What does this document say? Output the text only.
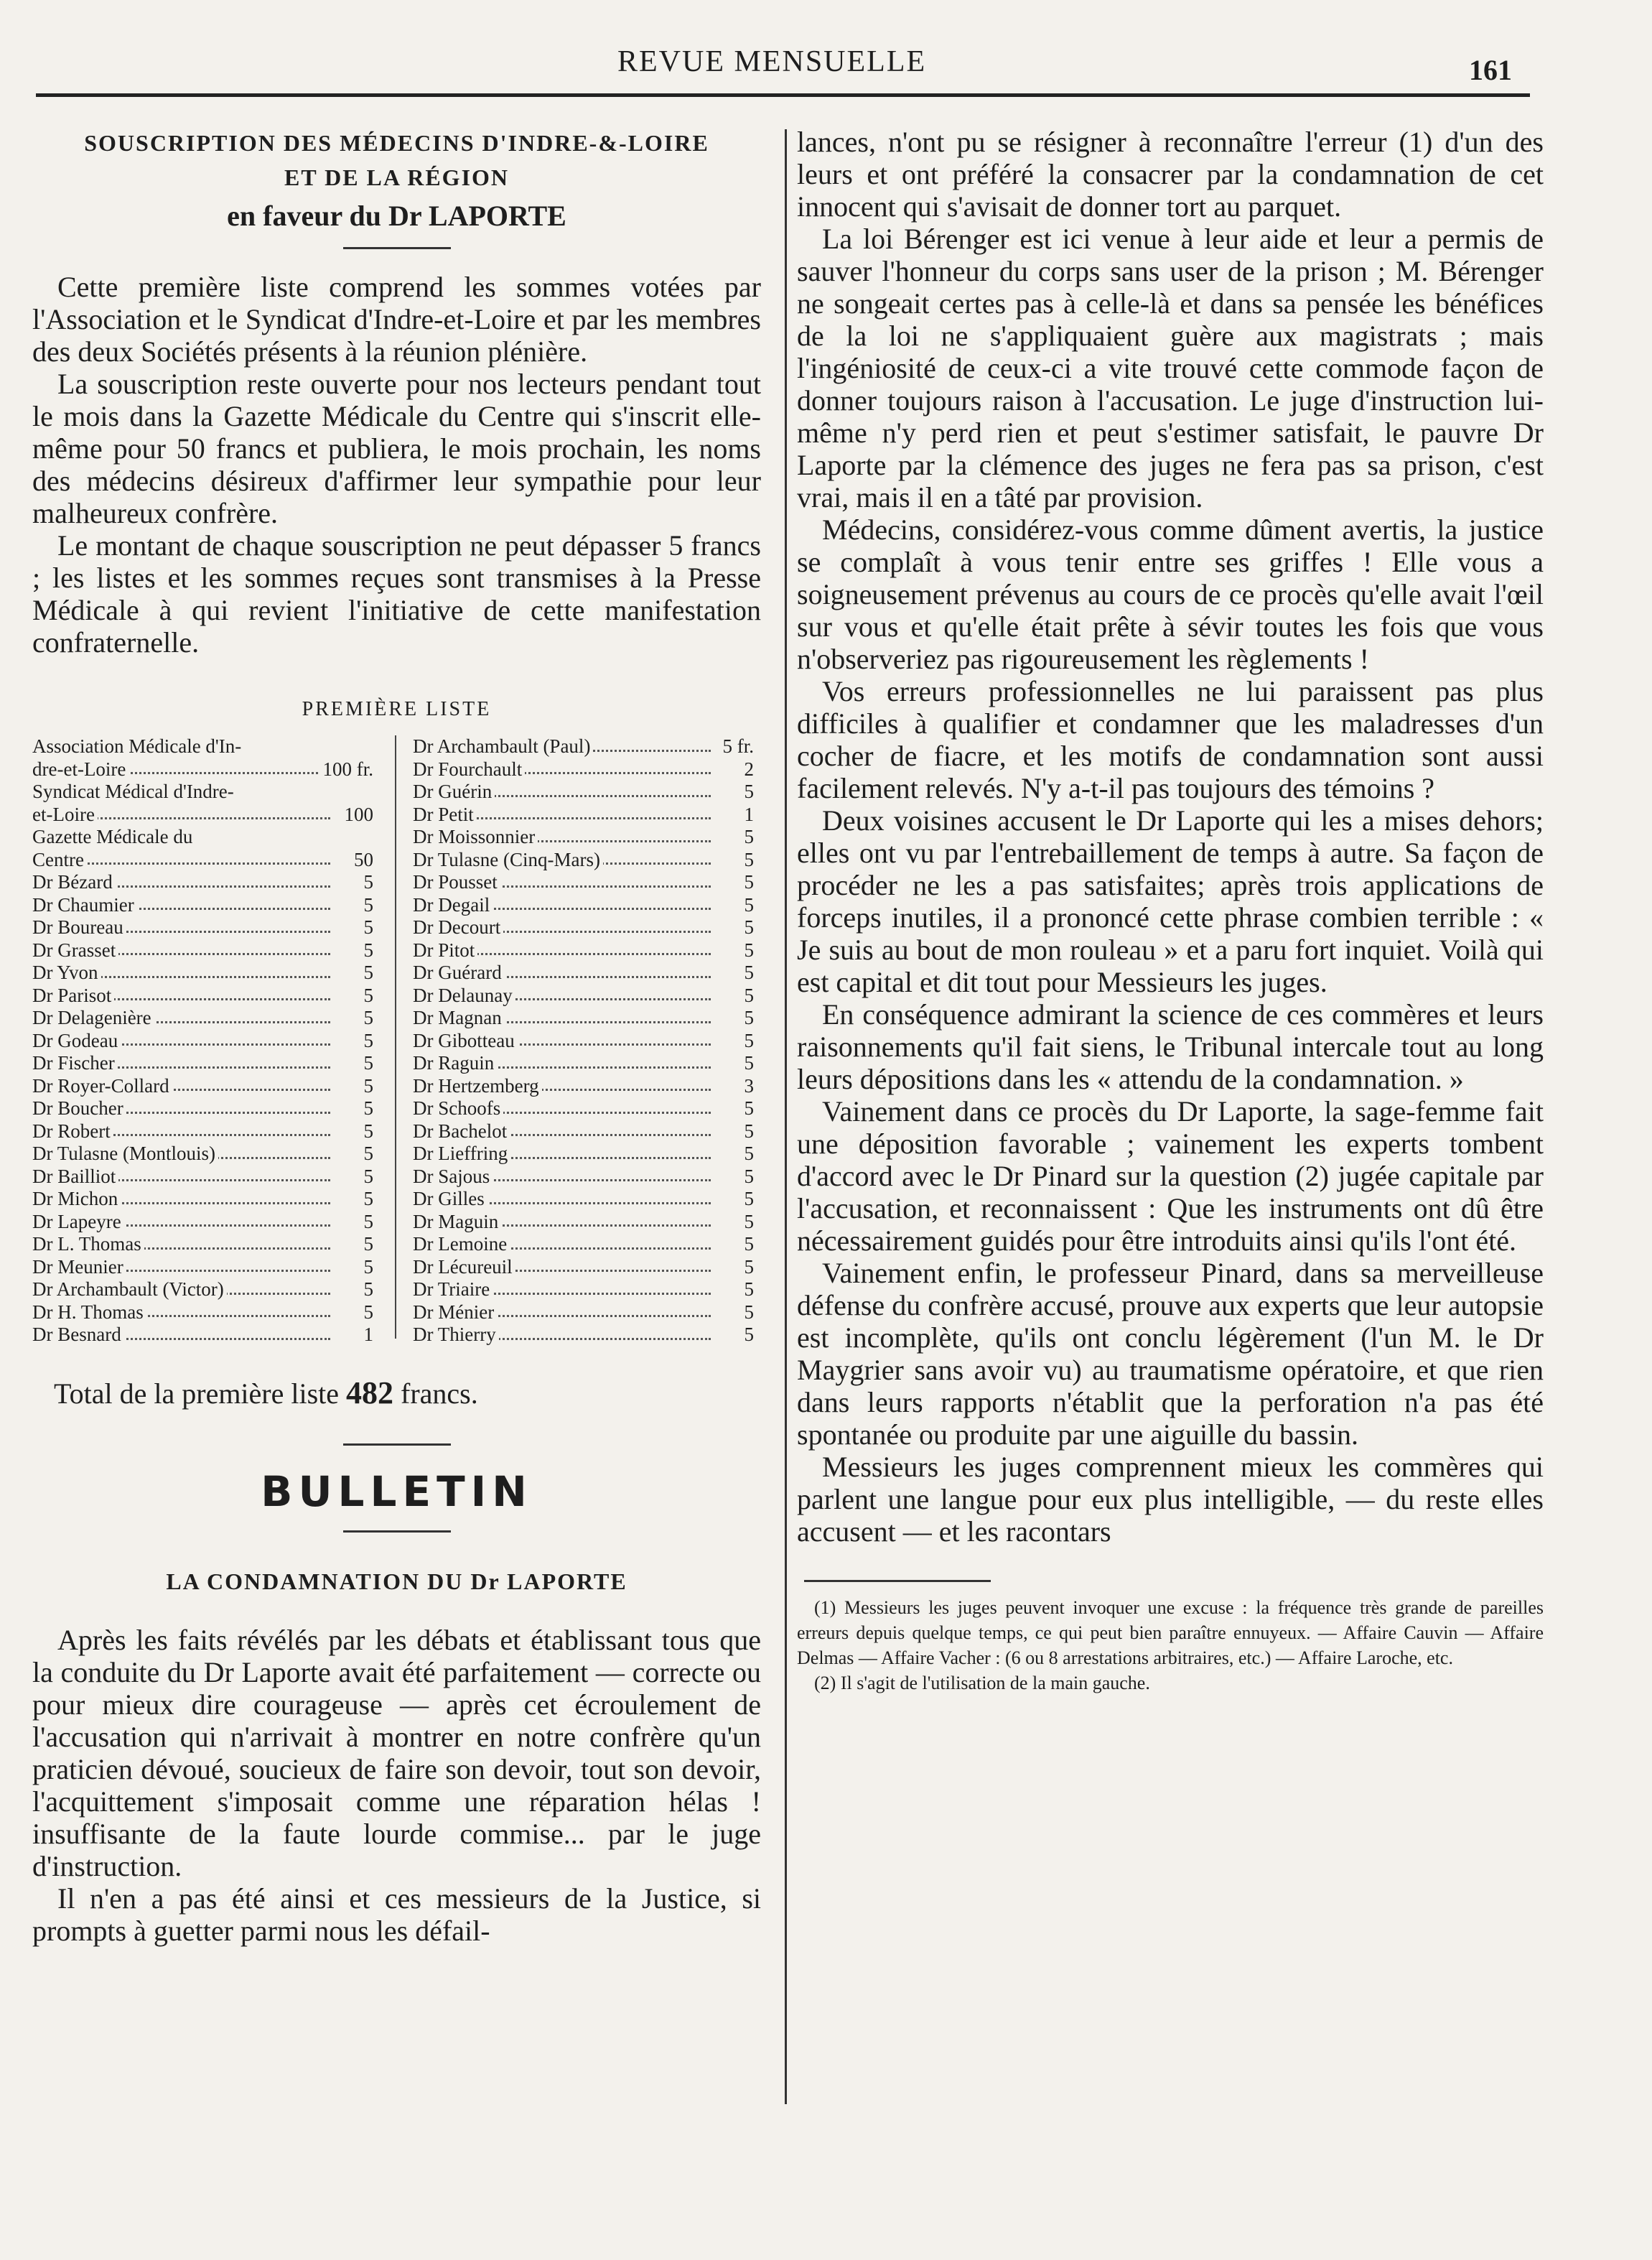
REVUE MENSUELLE	161

SOUSCRIPTION DES MÉDECINS D'INDRE-&-LOIRE

ET DE LA RÉGION

en faveur du Dr LAPORTE

Cette première liste comprend les sommes votées par l'Association et le Syndicat d'Indre-et-Loire et par les membres des deux Sociétés présents à la réunion plénière.

La souscription reste ouverte pour nos lecteurs pendant tout le mois dans la Gazette Médicale du Centre qui s'inscrit elle-même pour 50 francs et publiera, le mois prochain, les noms des médecins désireux d'affirmer leur sympathie pour leur malheureux confrère.

Le montant de chaque souscription ne peut dépasser 5 francs ; les listes et les sommes reçues sont transmises à la Presse Médicale à qui revient l'initiative de cette manifestation confraternelle.

PREMIÈRE LISTE
Association Médicale d'In-
dre-et-Loire	100 fr.
Syndicat Médical d'Indre-
et-Loire	100
Gazette Médicale du
Centre	50
Dr Bézard	5
Dr Chaumier	5
Dr Boureau	5
Dr Grasset	5
Dr Yvon	5
Dr Parisot	5
Dr Delagenière	5
Dr Godeau	5
Dr Fischer	5
Dr Royer-Collard	5
Dr Boucher	5
Dr Robert	5
Dr Tulasne (Montlouis)	5
Dr Bailliot	5
Dr Michon	5
Dr Lapeyre	5
Dr L. Thomas	5
Dr Meunier	5
Dr Archambault (Victor)	5
Dr H. Thomas	5
Dr Besnard	1
Dr Archambault (Paul)	5 fr.
Dr Fourchault	2
Dr Guérin	5
Dr Petit	1
Dr Moissonnier	5
Dr Tulasne (Cinq-Mars)	5
Dr Pousset	5
Dr Degail	5
Dr Decourt	5
Dr Pitot	5
Dr Guérard	5
Dr Delaunay	5
Dr Magnan	5
Dr Gibotteau	5
Dr Raguin	5
Dr Hertzemberg	3
Dr Schoofs	5
Dr Bachelot	5
Dr Lieffring	5
Dr Sajous	5
Dr Gilles	5
Dr Maguin	5
Dr Lemoine	5
Dr Lécureuil	5
Dr Triaire	5
Dr Ménier	5
Dr Thierry	5
Total de la première liste 482 francs.
BULLETIN
LA CONDAMNATION DU Dr LAPORTE

Après les faits révélés par les débats et établissant tous que la conduite du Dr Laporte avait été parfaitement — correcte ou pour mieux dire courageuse — après cet écroulement de l'accusation qui n'arrivait à montrer en notre confrère qu'un praticien dévoué, soucieux de faire son devoir, tout son devoir, l'acquittement s'imposait comme une réparation hélas ! insuffisante de la faute lourde commise... par le juge d'instruction.

Il n'en a pas été ainsi et ces messieurs de la Justice, si prompts à guetter parmi nous les défail-

lances, n'ont pu se résigner à reconnaître l'erreur (1) d'un des leurs et ont préféré la consacrer par la condamnation de cet innocent qui s'avisait de donner tort au parquet.

La loi Bérenger est ici venue à leur aide et leur a permis de sauver l'honneur du corps sans user de la prison ; M. Bérenger ne songeait certes pas à celle-là et dans sa pensée les bénéfices de la loi ne s'appliquaient guère aux magistrats ; mais l'ingéniosité de ceux-ci a vite trouvé cette commode façon de donner toujours raison à l'accusation. Le juge d'instruction lui-même n'y perd rien et peut s'estimer satisfait, le pauvre Dr Laporte par la clémence des juges ne fera pas sa prison, c'est vrai, mais il en a tâté par provision.

Médecins, considérez-vous comme dûment avertis, la justice se complaît à vous tenir entre ses griffes ! Elle vous a soigneusement prévenus au cours de ce procès qu'elle avait l'œil sur vous et qu'elle était prête à sévir toutes les fois que vous n'observeriez pas rigoureusement les règlements !

Vos erreurs professionnelles ne lui paraissent pas plus difficiles à qualifier et condamner que les maladresses d'un cocher de fiacre, et les motifs de condamnation sont aussi facilement relevés. N'y a-t-il pas toujours des témoins ?

Deux voisines accusent le Dr Laporte qui les a mises dehors; elles ont vu par l'entrebaillement de temps à autre. Sa façon de procéder ne les a pas satisfaites; après trois applications de forceps inutiles, il a prononcé cette phrase combien terrible : « Je suis au bout de mon rouleau » et a paru fort inquiet. Voilà qui est capital et dit tout pour Messieurs les juges.

En conséquence admirant la science de ces commères et leurs raisonnements qu'il fait siens, le Tribunal intercale tout au long leurs dépositions dans les « attendu de la condamnation. »

Vainement dans ce procès du Dr Laporte, la sage-femme fait une déposition favorable ; vainement les experts tombent d'accord avec le Dr Pinard sur la question (2) jugée capitale par l'accusation, et reconnaissent : Que les instruments ont dû être nécessairement guidés pour être introduits ainsi qu'ils l'ont été.

Vainement enfin, le professeur Pinard, dans sa merveilleuse défense du confrère accusé, prouve aux experts que leur autopsie est incomplète, qu'ils ont conclu légèrement (l'un M. le Dr Maygrier sans avoir vu) au traumatisme opératoire, et que rien dans leurs rapports n'établit que la perforation n'a pas été spontanée ou produite par une aiguille du bassin.

Messieurs les juges comprennent mieux les commères qui parlent une langue pour eux plus intelligible, — du reste elles accusent — et les racontars

(1) Messieurs les juges peuvent invoquer une excuse : la fréquence très grande de pareilles erreurs depuis quelque temps, ce qui peut bien paraître ennuyeux. — Affaire Cauvin — Affaire Delmas — Affaire Vacher : (6 ou 8 arrestations arbitraires, etc.) — Affaire Laroche, etc.

(2) Il s'agit de l'utilisation de la main gauche.
